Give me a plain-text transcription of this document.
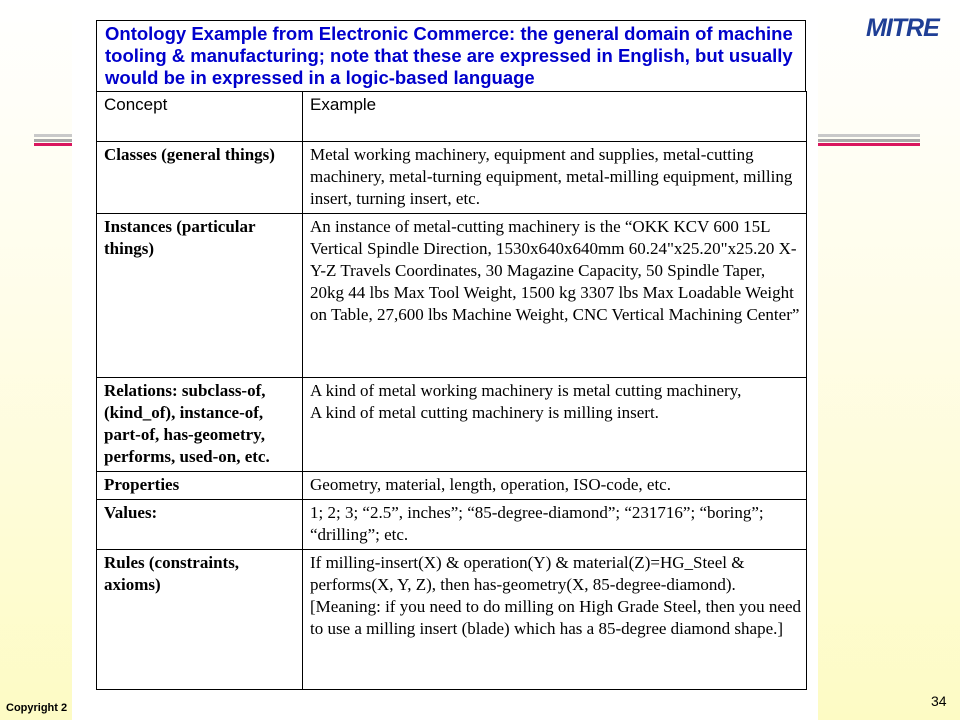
MITRE
Ontology Example from Electronic Commerce: the general domain of machine tooling & manufacturing; note that these are expressed in English, but usually would be in expressed in a logic-based language
Concept	Example
Classes (general things)	Metal working machinery, equipment and supplies, metal-cutting machinery, metal-turning equipment, metal-milling equipment, milling insert, turning insert, etc.
Instances (particular things)	An instance of metal-cutting machinery is the “OKK KCV 600 15L Vertical Spindle Direction, 1530x640x640mm 60.24"x25.20"x25.20 X-Y-Z Travels Coordinates, 30 Magazine Capacity, 50 Spindle Taper, 20kg 44 lbs Max Tool Weight, 1500 kg 3307 lbs Max Loadable Weight on Table, 27,600 lbs Machine Weight, CNC Vertical Machining Center”
Relations: subclass-of, (kind_of), instance-of, part-of, has-geometry, performs, used-on, etc.	A kind of metal working machinery is metal cutting machinery,
A kind of metal cutting machinery is milling insert.
Properties	Geometry, material, length, operation, ISO-code, etc.
Values:	1; 2; 3; “2.5”, inches”; “85-degree-diamond”; “231716”; “boring”; “drilling”; etc.
Rules (constraints, axioms)	If milling-insert(X) & operation(Y) & material(Z)=HG_Steel & performs(X, Y, Z), then has-geometry(X, 85-degree-diamond).
[Meaning: if you need to do milling on High Grade Steel, then you need to use a milling insert (blade) which has a 85-degree diamond shape.]
Copyright 2	34
